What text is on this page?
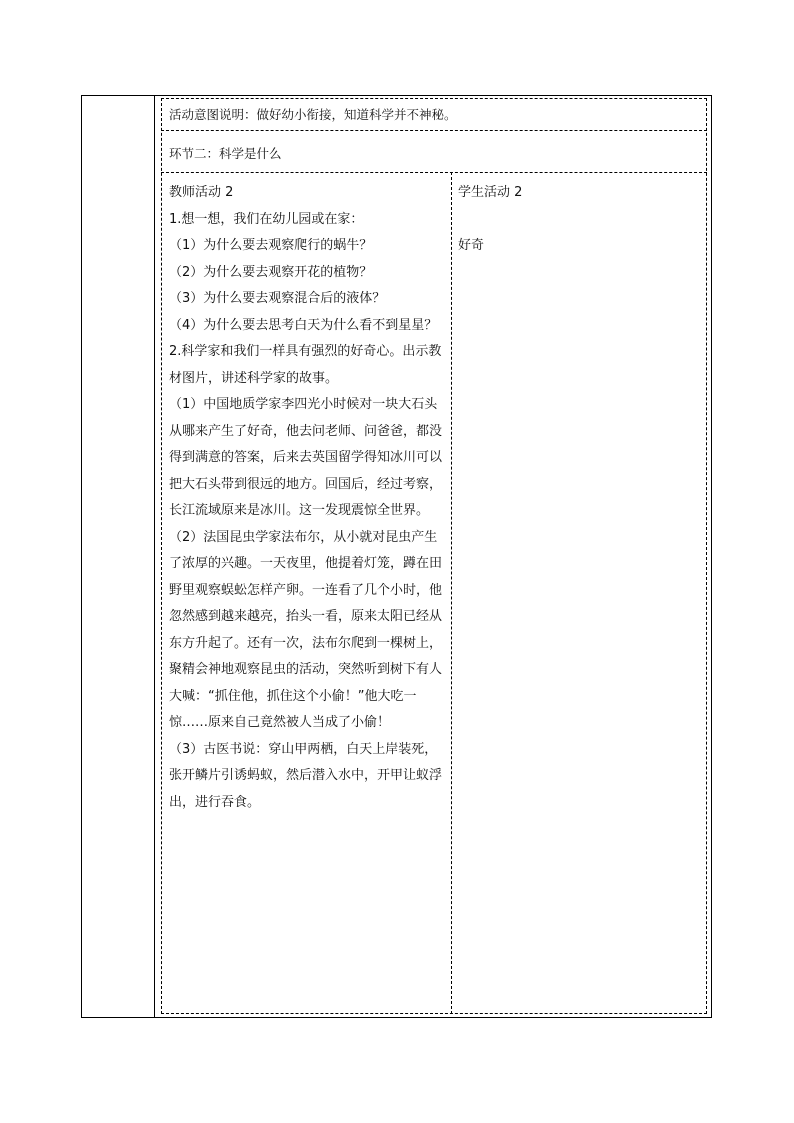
活动意图说明：做好幼小衔接，知道科学并不神秘。
环节二：科学是什么

教师活动 2

1.想一想，我们在幼儿园或在家：

（1）为什么要去观察爬行的蜗牛？

（2）为什么要去观察开花的植物？

（3）为什么要去观察混合后的液体？

（4）为什么要去思考白天为什么看不到星星？

2.科学家和我们一样具有强烈的好奇心。出示教材图片，讲述科学家的故事。

（1）中国地质学家李四光小时候对一块大石头从哪来产生了好奇，他去问老师、问爸爸，都没得到满意的答案，后来去英国留学得知冰川可以把大石头带到很远的地方。回国后，经过考察，长江流域原来是冰川。这一发现震惊全世界。

（2）法国昆虫学家法布尔，从小就对昆虫产生了浓厚的兴趣。一天夜里，他提着灯笼，蹲在田野里观察蜈蚣怎样产卵。一连看了几个小时，他忽然感到越来越亮，抬头一看，原来太阳已经从东方升起了。还有一次，法布尔爬到一棵树上，聚精会神地观察昆虫的活动，突然听到树下有人大喊：“抓住他，抓住这个小偷！”他大吃一惊……原来自己竟然被人当成了小偷！

（3）古医书说：穿山甲两栖，白天上岸装死，张开鳞片引诱蚂蚁，然后潜入水中，开甲让蚁浮出，进行吞食。

学生活动 2

好奇
